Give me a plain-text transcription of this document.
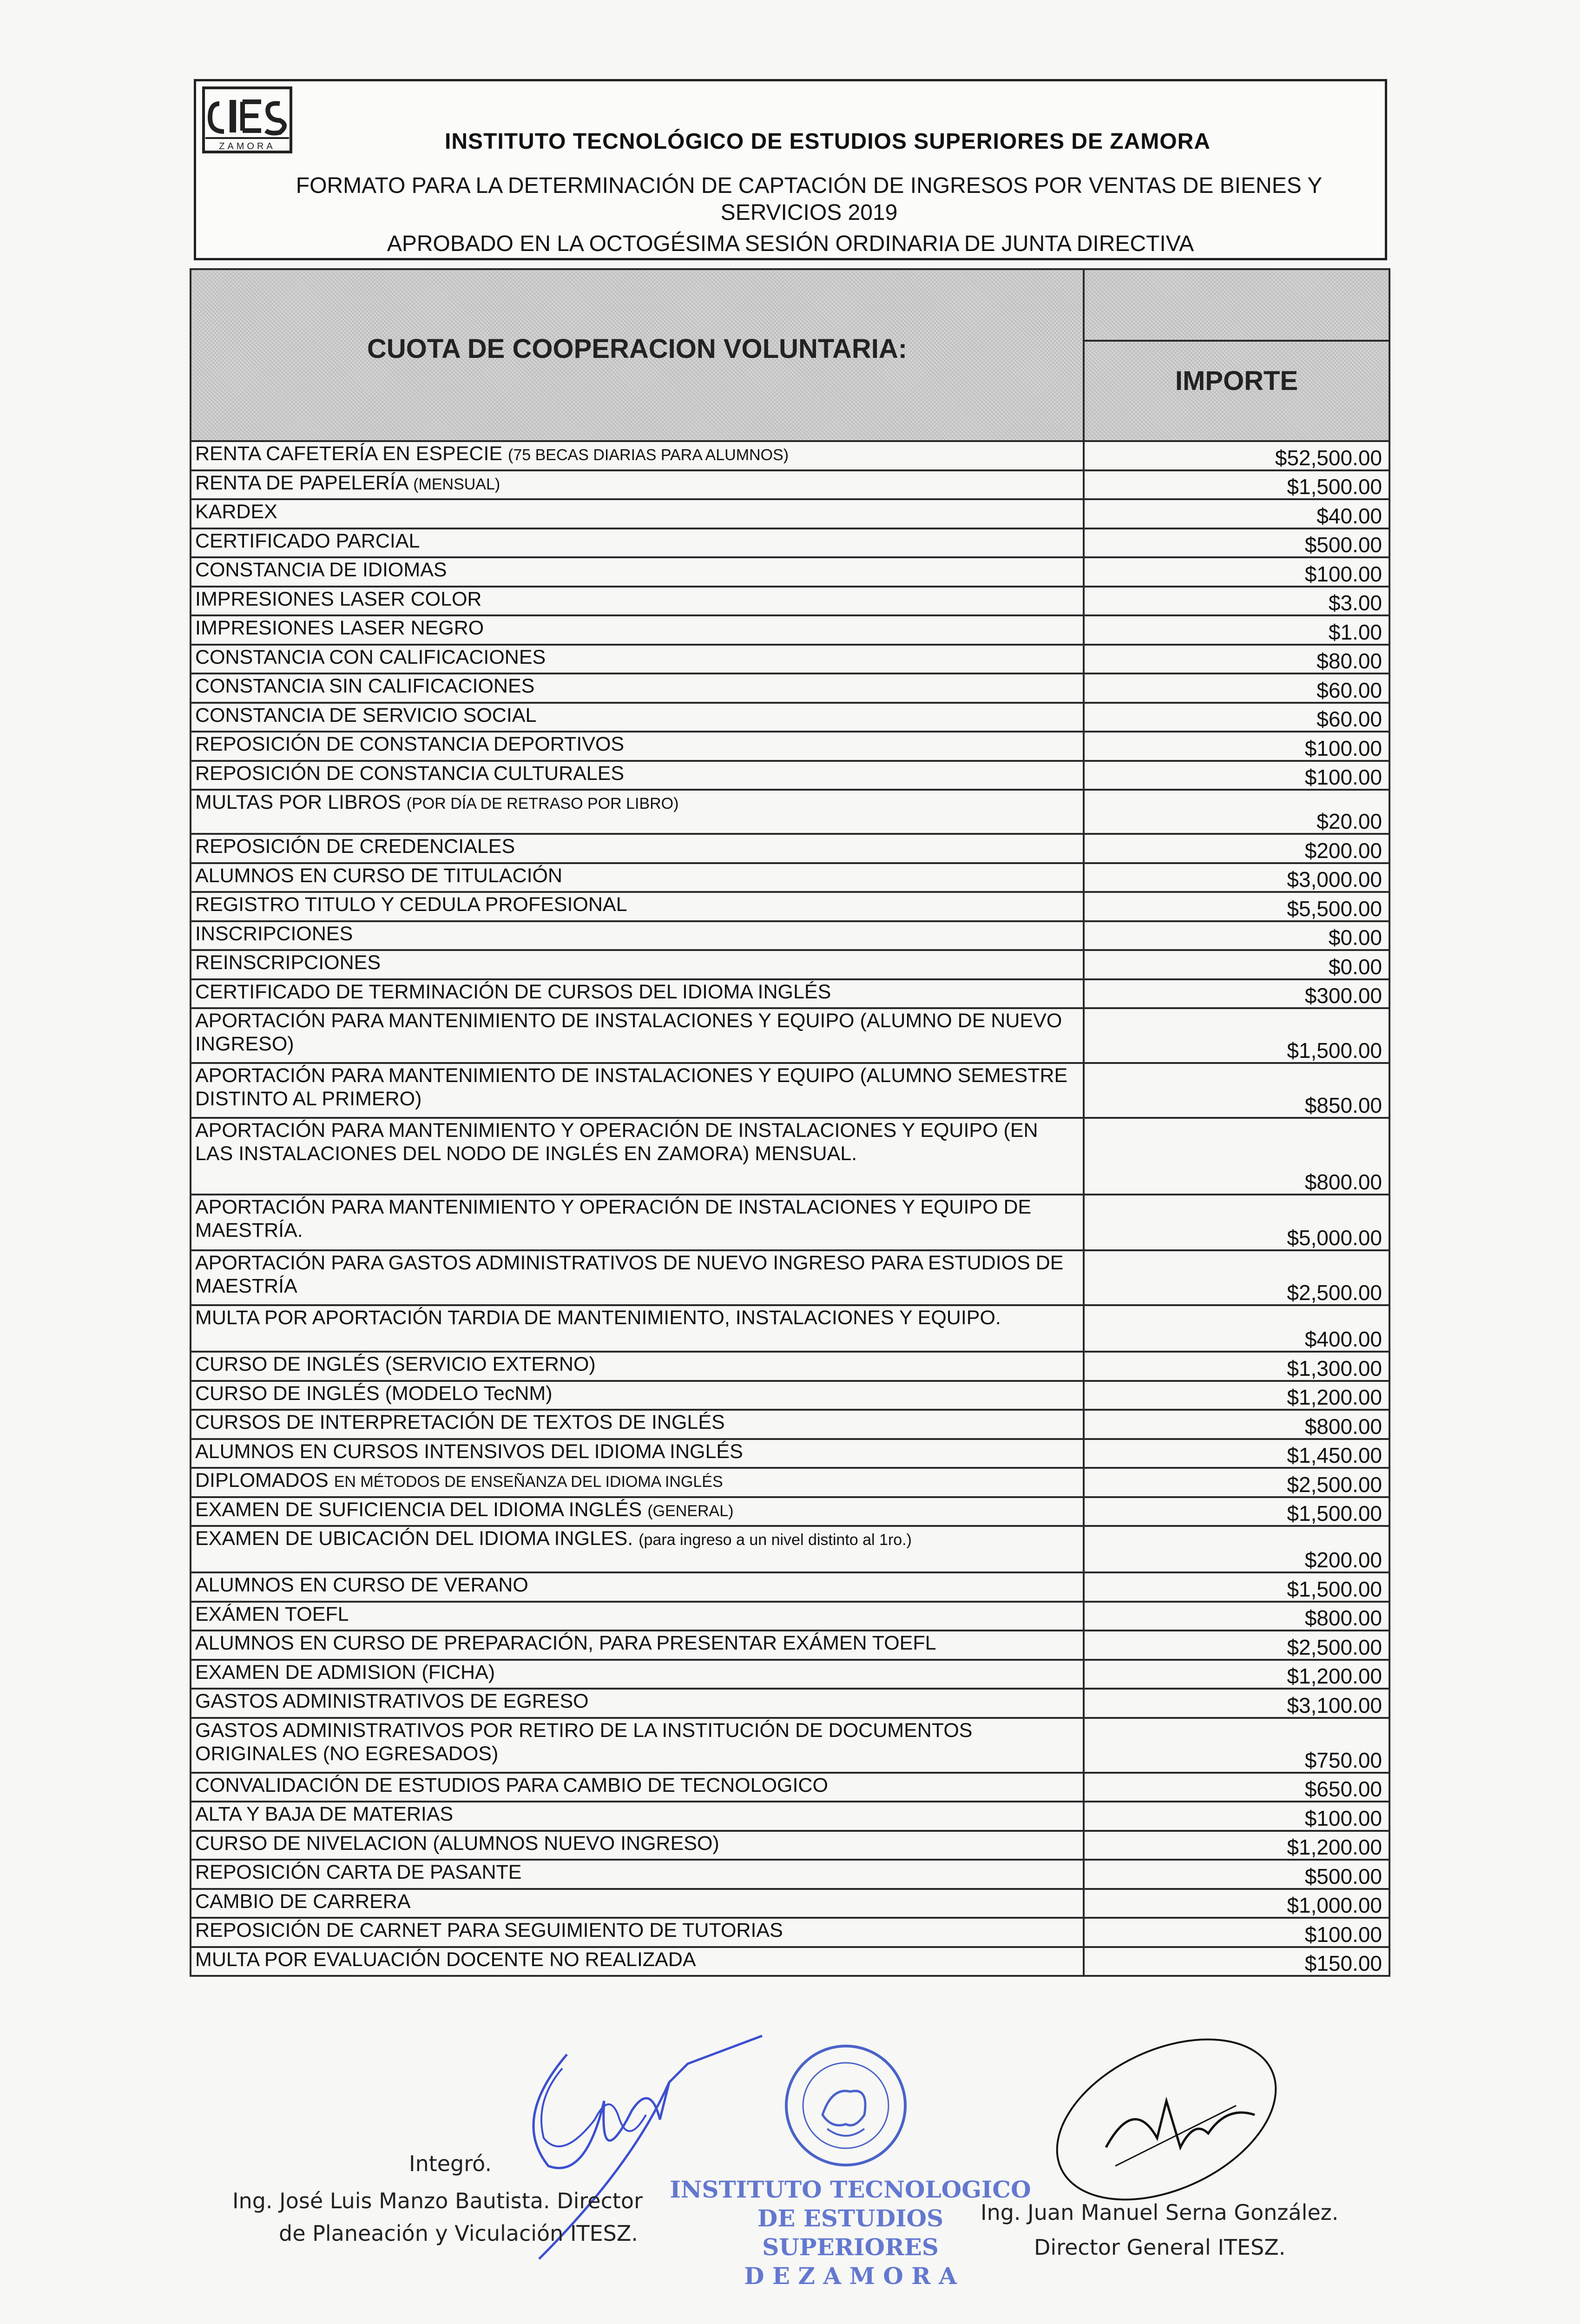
ZAMORA	INSTITUTO TECNOLÓGICO DE ESTUDIOS SUPERIORES DE ZAMORA
FORMATO PARA LA DETERMINACIÓN DE CAPTACIÓN DE INGRESOS POR VENTAS DE BIENES Y SERVICIOS 2019
APROBADO EN LA OCTOGÉSIMA SESIÓN ORDINARIA DE JUNTA DIRECTIVA
CUOTA DE COOPERACION VOLUNTARIA:	IMPORTE

RENTA CAFETERÍA EN ESPECIE (75 BECAS DIARIAS PARA ALUMNOS)	$52,500.00
RENTA DE PAPELERÍA (MENSUAL)	$1,500.00
KARDEX	$40.00
CERTIFICADO PARCIAL	$500.00
CONSTANCIA DE IDIOMAS	$100.00
IMPRESIONES LASER COLOR	$3.00
IMPRESIONES LASER NEGRO	$1.00
CONSTANCIA CON CALIFICACIONES	$80.00
CONSTANCIA SIN CALIFICACIONES	$60.00
CONSTANCIA DE SERVICIO SOCIAL	$60.00
REPOSICIÓN DE CONSTANCIA DEPORTIVOS	$100.00
REPOSICIÓN DE CONSTANCIA CULTURALES	$100.00
MULTAS POR LIBROS (POR DÍA DE RETRASO POR LIBRO)	$20.00
REPOSICIÓN DE CREDENCIALES	$200.00
ALUMNOS EN CURSO DE TITULACIÓN	$3,000.00
REGISTRO TITULO Y CEDULA PROFESIONAL	$5,500.00
INSCRIPCIONES	$0.00
REINSCRIPCIONES	$0.00
CERTIFICADO DE TERMINACIÓN DE CURSOS DEL IDIOMA INGLÉS	$300.00
APORTACIÓN PARA MANTENIMIENTO DE INSTALACIONES Y EQUIPO (ALUMNO DE NUEVO INGRESO)	$1,500.00
APORTACIÓN PARA MANTENIMIENTO DE INSTALACIONES Y EQUIPO (ALUMNO SEMESTRE DISTINTO AL PRIMERO)	$850.00
APORTACIÓN PARA MANTENIMIENTO Y OPERACIÓN DE INSTALACIONES Y EQUIPO (EN LAS INSTALACIONES DEL NODO DE INGLÉS EN ZAMORA) MENSUAL.	$800.00
APORTACIÓN PARA MANTENIMIENTO Y OPERACIÓN DE INSTALACIONES Y EQUIPO DE MAESTRÍA.	$5,000.00
APORTACIÓN PARA GASTOS ADMINISTRATIVOS DE NUEVO INGRESO PARA ESTUDIOS DE MAESTRÍA	$2,500.00
MULTA POR APORTACIÓN TARDIA DE MANTENIMIENTO, INSTALACIONES Y EQUIPO.	$400.00
CURSO DE INGLÉS (SERVICIO EXTERNO)	$1,300.00
CURSO DE INGLÉS (MODELO TecNM)	$1,200.00
CURSOS DE INTERPRETACIÓN DE TEXTOS DE INGLÉS	$800.00
ALUMNOS EN CURSOS INTENSIVOS DEL IDIOMA INGLÉS	$1,450.00
DIPLOMADOS EN MÉTODOS DE ENSEÑANZA DEL IDIOMA INGLÉS	$2,500.00
EXAMEN DE SUFICIENCIA DEL IDIOMA INGLÉS (GENERAL)	$1,500.00
EXAMEN DE UBICACIÓN DEL IDIOMA INGLES. (para ingreso a un nivel distinto al 1ro.)	$200.00
ALUMNOS EN CURSO DE VERANO	$1,500.00
EXÁMEN TOEFL	$800.00
ALUMNOS EN CURSO DE PREPARACIÓN, PARA PRESENTAR EXÁMEN TOEFL	$2,500.00
EXAMEN DE ADMISION (FICHA)	$1,200.00
GASTOS ADMINISTRATIVOS DE EGRESO	$3,100.00
GASTOS ADMINISTRATIVOS POR RETIRO DE LA INSTITUCIÓN DE DOCUMENTOS ORIGINALES (NO EGRESADOS)	$750.00
CONVALIDACIÓN DE ESTUDIOS PARA CAMBIO DE TECNOLOGICO	$650.00
ALTA Y BAJA DE MATERIAS	$100.00
CURSO DE NIVELACION (ALUMNOS NUEVO INGRESO)	$1,200.00
REPOSICIÓN CARTA DE PASANTE	$500.00
CAMBIO DE CARRERA	$1,000.00
REPOSICIÓN DE CARNET PARA SEGUIMIENTO DE TUTORIAS	$100.00
MULTA POR EVALUACIÓN DOCENTE NO REALIZADA	$150.00
INSTITUTO TECNOLOGICO
DE ESTUDIOS SUPERIORES
D E Z A M O R A
Integró.
Ing. José Luis Manzo Bautista. Director
de Planeación y Viculación ITESZ.
Ing. Juan Manuel Serna González.
Director General ITESZ.
